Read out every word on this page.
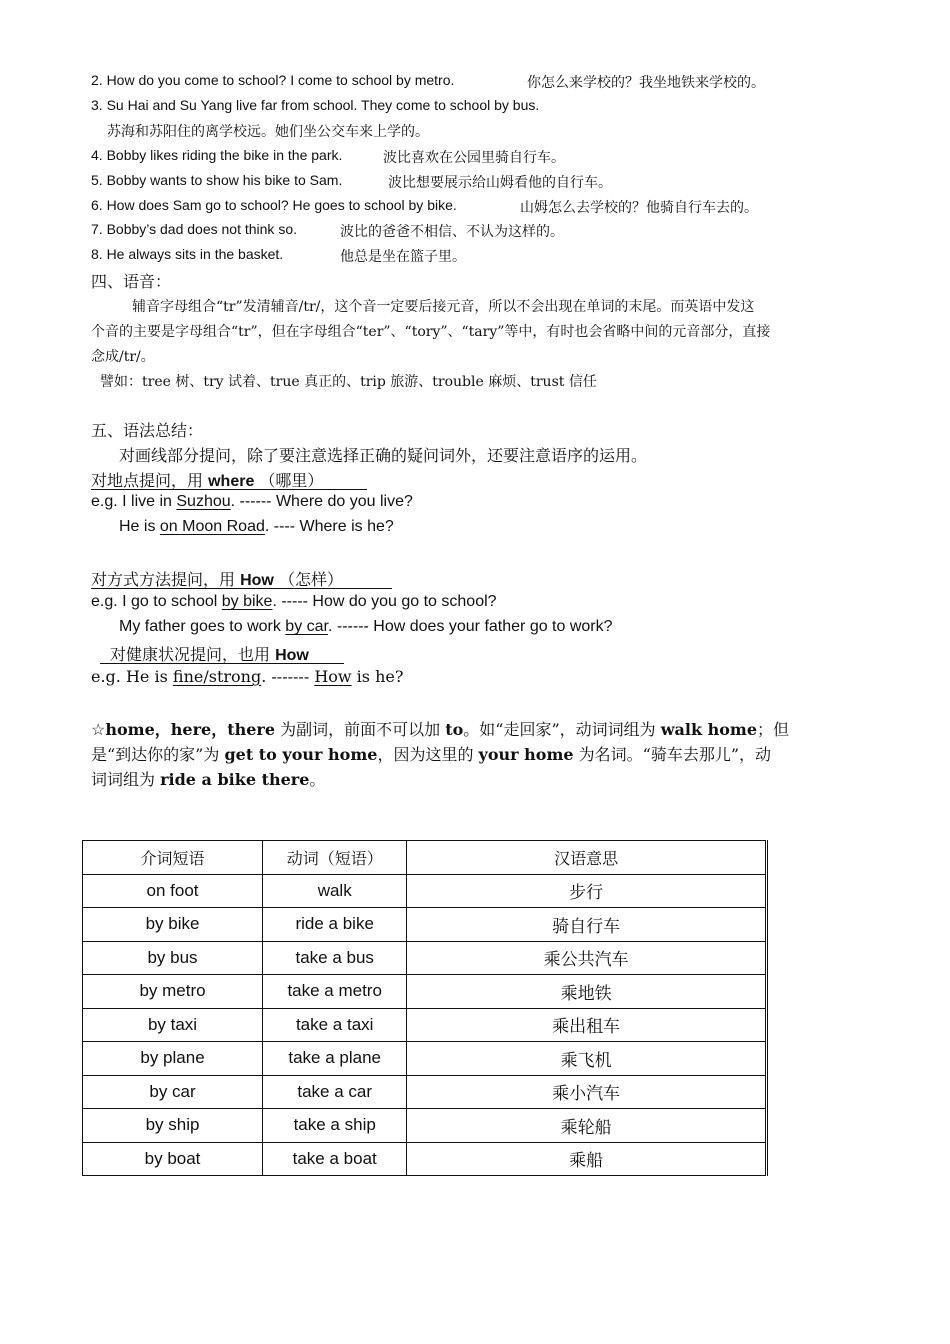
2. How do you come to school? I come to school by metro.	你怎么来学校的？我坐地铁来学校的。
3. Su Hai and Su Yang live far from school. They come to school by bus.
苏海和苏阳住的离学校远。她们坐公交车来上学的。
4. Bobby likes riding the bike in the park.	波比喜欢在公园里骑自行车。
5. Bobby wants to show his bike to Sam.	波比想要展示给山姆看他的自行车。
6. How does Sam go to school? He goes to school by bike.	山姆怎么去学校的？他骑自行车去的。
7. Bobby’s dad does not think so.	波比的爸爸不相信、不认为这样的。
8. He always sits in the basket.	他总是坐在篮子里。
四、语音：
辅音字母组合“tr”发清辅音/tr/，这个音一定要后接元音，所以不会出现在单词的末尾。而英语中发这
个音的主要是字母组合“tr”，但在字母组合“ter”、“tory”、“tary”等中，有时也会省略中间的元音部分，直接
念成/tr/。
譬如：tree 树、try 试着、true 真正的、trip 旅游、trouble 麻烦、trust 信任
五、语法总结：
对画线部分提问，除了要注意选择正确的疑问词外，还要注意语序的运用。
对地点提问，用 where （哪里）
e.g. I live in Suzhou. ------ Where do you live?
He is on Moon Road. ---- Where is he?
对方式方法提问，用 How （怎样）
e.g. I go to school by bike. ----- How do you go to school?
My father goes to work by car. ------ How does your father go to work?
对健康状况提问，也用 How
e.g. He is fine/strong. ------- How is he?
☆home，here，there 为副词，前面不可以加 to。如“走回家”，动词词组为 walk home；但
是“到达你的家”为 get to your home，因为这里的 your home 为名词。“骑车去那儿”，动
词词组为 ride a bike there。
介词短语	动词（短语）	汉语意思
on foot	walk	步行
by bike	ride a bike	骑自行车
by bus	take a bus	乘公共汽车
by metro	take a metro	乘地铁
by taxi	take a taxi	乘出租车
by plane	take a plane	乘飞机
by car	take a car	乘小汽车
by ship	take a ship	乘轮船
by boat	take a boat	乘船
